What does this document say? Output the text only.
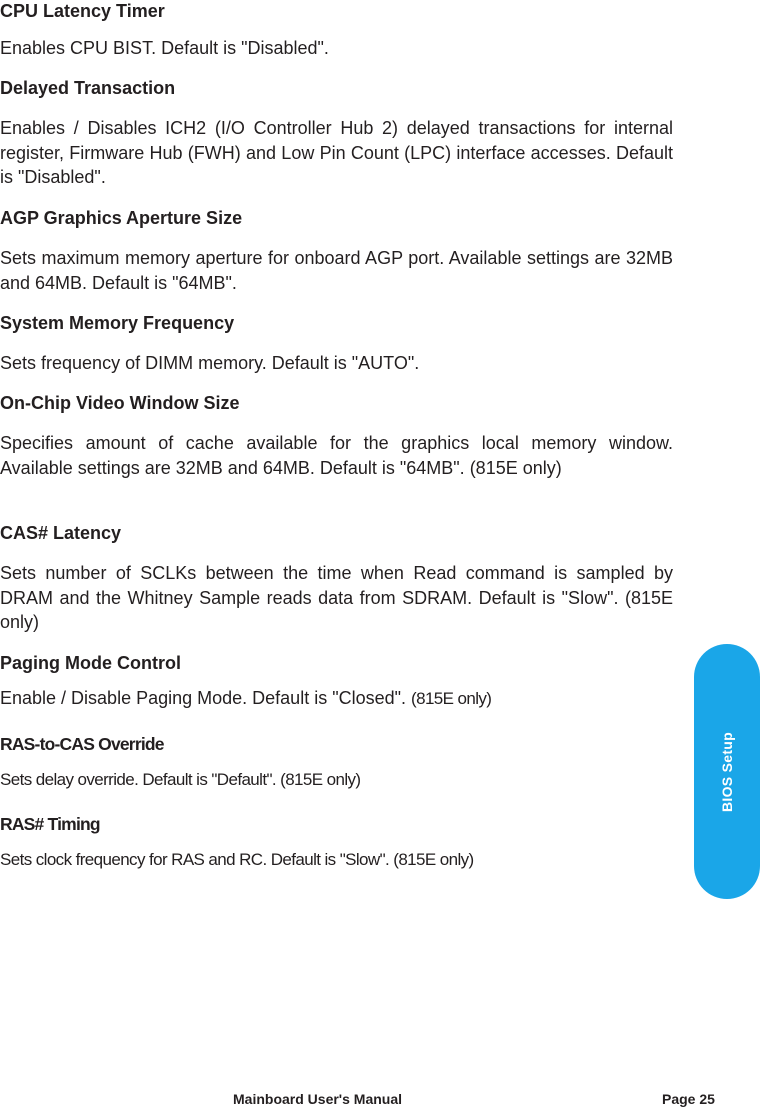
CPU Latency Timer
Enables CPU BIST. Default is "Disabled".
Delayed Transaction
Enables / Disables ICH2 (I/O Controller Hub 2) delayed transactions for internal register, Firmware Hub (FWH) and Low Pin Count (LPC) interface accesses. Default is "Disabled".
AGP Graphics Aperture Size
Sets maximum memory aperture for onboard AGP port. Available settings are 32MB and 64MB. Default is "64MB".
System Memory Frequency
Sets frequency of DIMM memory. Default is "AUTO".
On-Chip Video Window Size
Specifies amount of cache available for the graphics local memory window. Available settings are 32MB and 64MB. Default is "64MB". (815E only)
CAS# Latency
Sets number of SCLKs between the time when Read command is sampled by DRAM and the Whitney Sample reads data from SDRAM. Default is "Slow". (815E only)
Paging Mode Control
Enable / Disable Paging Mode. Default is "Closed". (815E only)
RAS-to-CAS Override
Sets delay override. Default is "Default". (815E only)
RAS# Timing
Sets clock frequency for RAS and RC. Default is "Slow". (815E only)
BIOS Setup
Mainboard User's Manual	Page 25
